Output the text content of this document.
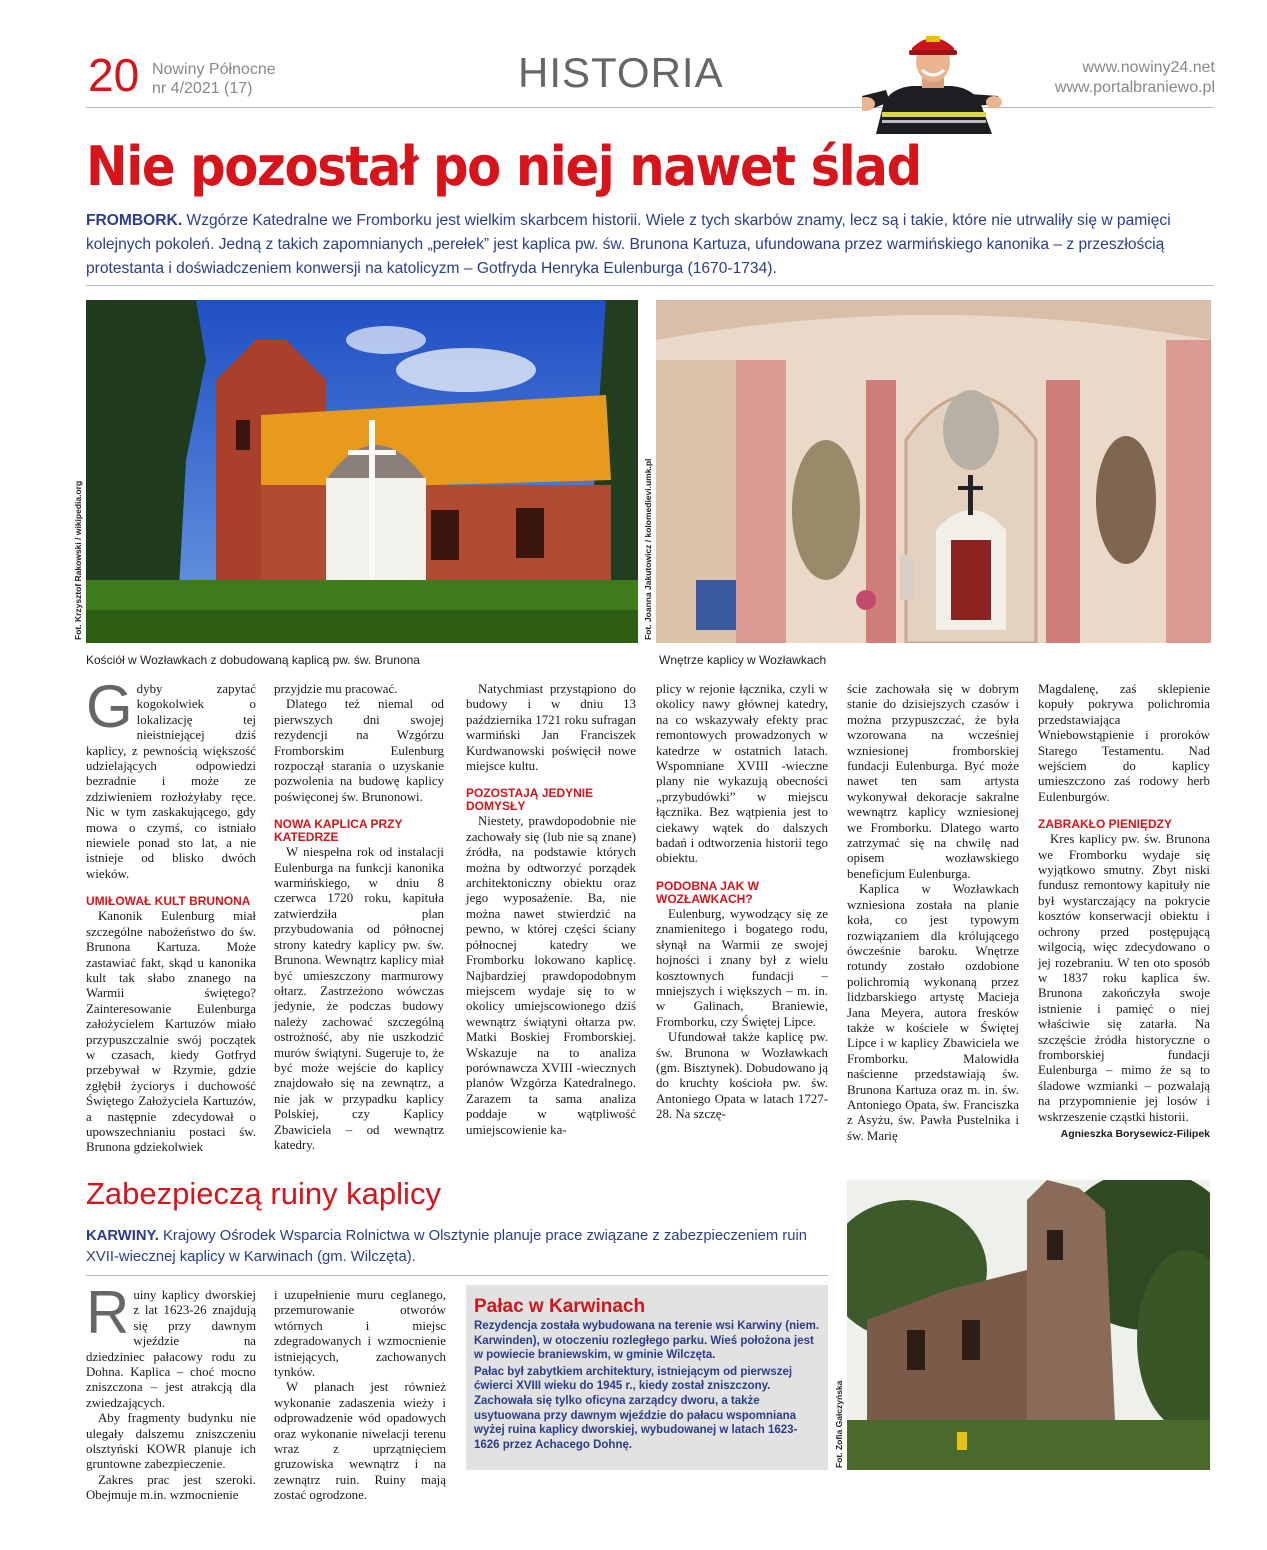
20 Nowiny Północne
nr 4/2021 (17)	HISTORIA	www.nowiny24.net
www.portalbraniewo.pl
Nie pozostał po niej nawet ślad
FROMBORK. Wzgórze Katedralne we Fromborku jest wielkim skarbcem historii. Wiele z tych skarbów znamy, lecz są i takie, które nie utrwaliły się w pamięci kolejnych pokoleń. Jedną z takich zapomnianych „perełek” jest kaplica pw. św. Brunona Kartuza, ufundowana przez warmińskiego kanonika – z przeszłością protestanta i doświadczeniem konwersji na katolicyzm – Gotfryda Henryka Eulenburga (1670-1734).
Fot. Krzysztof Rakowski / wikipedia.org
Kościół w Wozławkach z dobudowaną kaplicą pw. św. Brunona
Fot. Joanna Jakutowicz / kolomedievi.umk.pl
Wnętrze kaplicy w Wozławkach

Gdyby zapytać kogokolwiek o lokalizację tej nieistniejącej dziś kaplicy, z pewnością większość udzielających odpowiedzi bezradnie i może ze zdziwieniem rozłożyłaby ręce. Nic w tym zaskakującego, gdy mowa o czymś, co istniało niewiele ponad sto lat, a nie istnieje od blisko dwóch wieków.

UMIŁOWAŁ KULT BRUNONA

Kanonik Eulenburg miał szczególne nabożeństwo do św. Brunona Kartuza. Może zastawiać fakt, skąd u kanonika kult tak słabo znanego na Warmii świętego? Zainteresowanie Eulenburga założycielem Kartuzów miało przypuszczalnie swój początek w czasach, kiedy Gotfryd przebywał w Rzymie, gdzie zgłębił życiorys i duchowość Świętego Założyciela Kartuzów, a następnie zdecydował o upowszechnianiu postaci św. Brunona gdziekolwiek

przyjdzie mu pracować.

Dlatego też niemal od pierwszych dni swojej rezydencji na Wzgórzu Fromborskim Eulenburg rozpoczął starania o uzyskanie pozwolenia na budowę kaplicy poświęconej św. Brunonowi.

NOWA KAPLICA PRZY KATEDRZE

W niespełna rok od instalacji Eulenburga na funkcji kanonika warmińskiego, w dniu 8 czerwca 1720 roku, kapituła zatwierdziła plan przybudowania od północnej strony katedry kaplicy pw. św. Brunona. Wewnątrz kaplicy miał być umieszczony marmurowy ołtarz. Zastrzeżono wówczas jedynie, że podczas budowy należy zachować szczególną ostrożność, aby nie uszkodzić murów świątyni. Sugeruje to, że być może wejście do kaplicy znajdowało się na zewnątrz, a nie jak w przypadku kaplicy Polskiej, czy Kaplicy Zbawiciela – od wewnątrz katedry.

Natychmiast przystąpiono do budowy i w dniu 13 października 1721 roku sufragan warmiński Jan Franciszek Kurdwanowski poświęcił nowe miejsce kultu.

POZOSTAJĄ JEDYNIE DOMYSŁY

Niestety, prawdopodobnie nie zachowały się (lub nie są znane) źródła, na podstawie których można by odtworzyć porządek architektoniczny obiektu oraz jego wyposażenie. Ba, nie można nawet stwierdzić na pewno, w której części ściany północnej katedry we Fromborku lokowano kaplicę. Najbardziej prawdopodobnym miejscem wydaje się to w okolicy umiejscowionego dziś wewnątrz świątyni ołtarza pw. Matki Boskiej Fromborskiej. Wskazuje na to analiza porównawcza XVIII -wiecznych planów Wzgórza Katedralnego. Zarazem ta sama analiza poddaje w wątpliwość umiejscowienie ka-

plicy w rejonie łącznika, czyli w okolicy nawy głównej katedry, na co wskazywały efekty prac remontowych prowadzonych w katedrze w ostatnich latach. Wspomniane XVIII -wieczne plany nie wykazują obecności „przybudówki” w miejscu łącznika. Bez wątpienia jest to ciekawy wątek do dalszych badań i odtworzenia historii tego obiektu.

PODOBNA JAK W WOZŁAWKACH?

Eulenburg, wywodzący się ze znamienitego i bogatego rodu, słynął na Warmii ze swojej hojności i znany był z wielu kosztownych fundacji – mniejszych i większych – m. in. w Galinach, Braniewie, Fromborku, czy Świętej Lipce.

Ufundował także kaplicę pw. św. Brunona w Wozławkach (gm. Bisztynek). Dobudowano ją do kruchty kościoła pw. św. Antoniego Opata w latach 1727-28. Na szczę-

ście zachowała się w dobrym stanie do dzisiejszych czasów i można przypuszczać, że była wzorowana na wcześniej wzniesionej fromborskiej fundacji Eulenburga. Być może nawet ten sam artysta wykonywał dekoracje sakralne wewnątrz kaplicy wzniesionej we Fromborku. Dlatego warto zatrzymać się na chwilę nad opisem wozławskiego beneficjum Eulenburga.

Kaplica w Wozławkach wzniesiona została na planie koła, co jest typowym rozwiązaniem dla królującego ówcześnie baroku. Wnętrze rotundy zostało ozdobione polichromią wykonaną przez lidzbarskiego artystę Macieja Jana Meyera, autora fresków także w kościele w Świętej Lipce i w kaplicy Zbawiciela we Fromborku. Malowidła naścienne przedstawiają św. Brunona Kartuza oraz m. in. św. Antoniego Opata, św. Franciszka z Asyżu, św. Pawła Pustelnika i św. Marię

Magdalenę, zaś sklepienie kopuły pokrywa polichromia przedstawiająca Wniebowstąpienie i proroków Starego Testamentu. Nad wejściem do kaplicy umieszczono zaś rodowy herb Eulenburgów.

ZABRAKŁO PIENIĘDZY

Kres kaplicy pw. św. Brunona we Fromborku wydaje się wyjątkowo smutny. Zbyt niski fundusz remontowy kapituły nie był wystarczający na pokrycie kosztów konserwacji obiektu i ochrony przed postępującą wilgocią, więc zdecydowano o jej rozebraniu. W ten oto sposób w 1837 roku kaplica św. Brunona zakończyła swoje istnienie i pamięć o niej właściwie się zatarła. Na szczęście źródła historyczne o fromborskiej fundacji Eulenburga – mimo że są to śladowe wzmianki – pozwalają na przypomnienie jej losów i wskrzeszenie cząstki historii.

Agnieszka Borysewicz-Filipek
Zabezpieczą ruiny kaplicy
KARWINY. Krajowy Ośrodek Wsparcia Rolnictwa w Olsztynie planuje prace związane z zabezpieczeniem ruin XVII-wiecznej kaplicy w Karwinach (gm. Wilczęta).

Ruiny kaplicy dworskiej z lat 1623-26 znajdują się przy dawnym wjeździe na dziedziniec pałacowy rodu zu Dohna. Kaplica – choć mocno zniszczona – jest atrakcją dla zwiedzających.

Aby fragmenty budynku nie ulegały dalszemu zniszczeniu olsztyński KOWR planuje ich gruntowne zabezpieczenie.

Zakres prac jest szeroki. Obejmuje m.in. wzmocnienie

i uzupełnienie muru ceglanego, przemurowanie otworów wtórnych i miejsc zdegradowanych i wzmocnienie istniejących, zachowanych tynków.

W planach jest również wykonanie zadaszenia wieży i odprowadzenie wód opadowych oraz wykonanie niwelacji terenu wraz z uprzątnięciem gruzowiska wewnątrz i na zewnątrz ruin. Ruiny mają zostać ogrodzone.

Pałac w Karwinach

Rezydencja została wybudowana na terenie wsi Karwiny (niem. Karwinden), w otoczeniu rozległego parku. Wieś położona jest w powiecie braniewskim, w gminie Wilczęta.

Pałac był zabytkiem architektury, istniejącym od pierwszej ćwierci XVIII wieku do 1945 r., kiedy został zniszczony. Zachowała się tylko oficyna zarządcy dworu, a także usytuowana przy dawnym wjeździe do pałacu wspomniana wyżej ruina kaplicy dworskiej, wybudowanej w latach 1623-1626 przez Achacego Dohnę.	Fot. Zofia Gałczyńska
